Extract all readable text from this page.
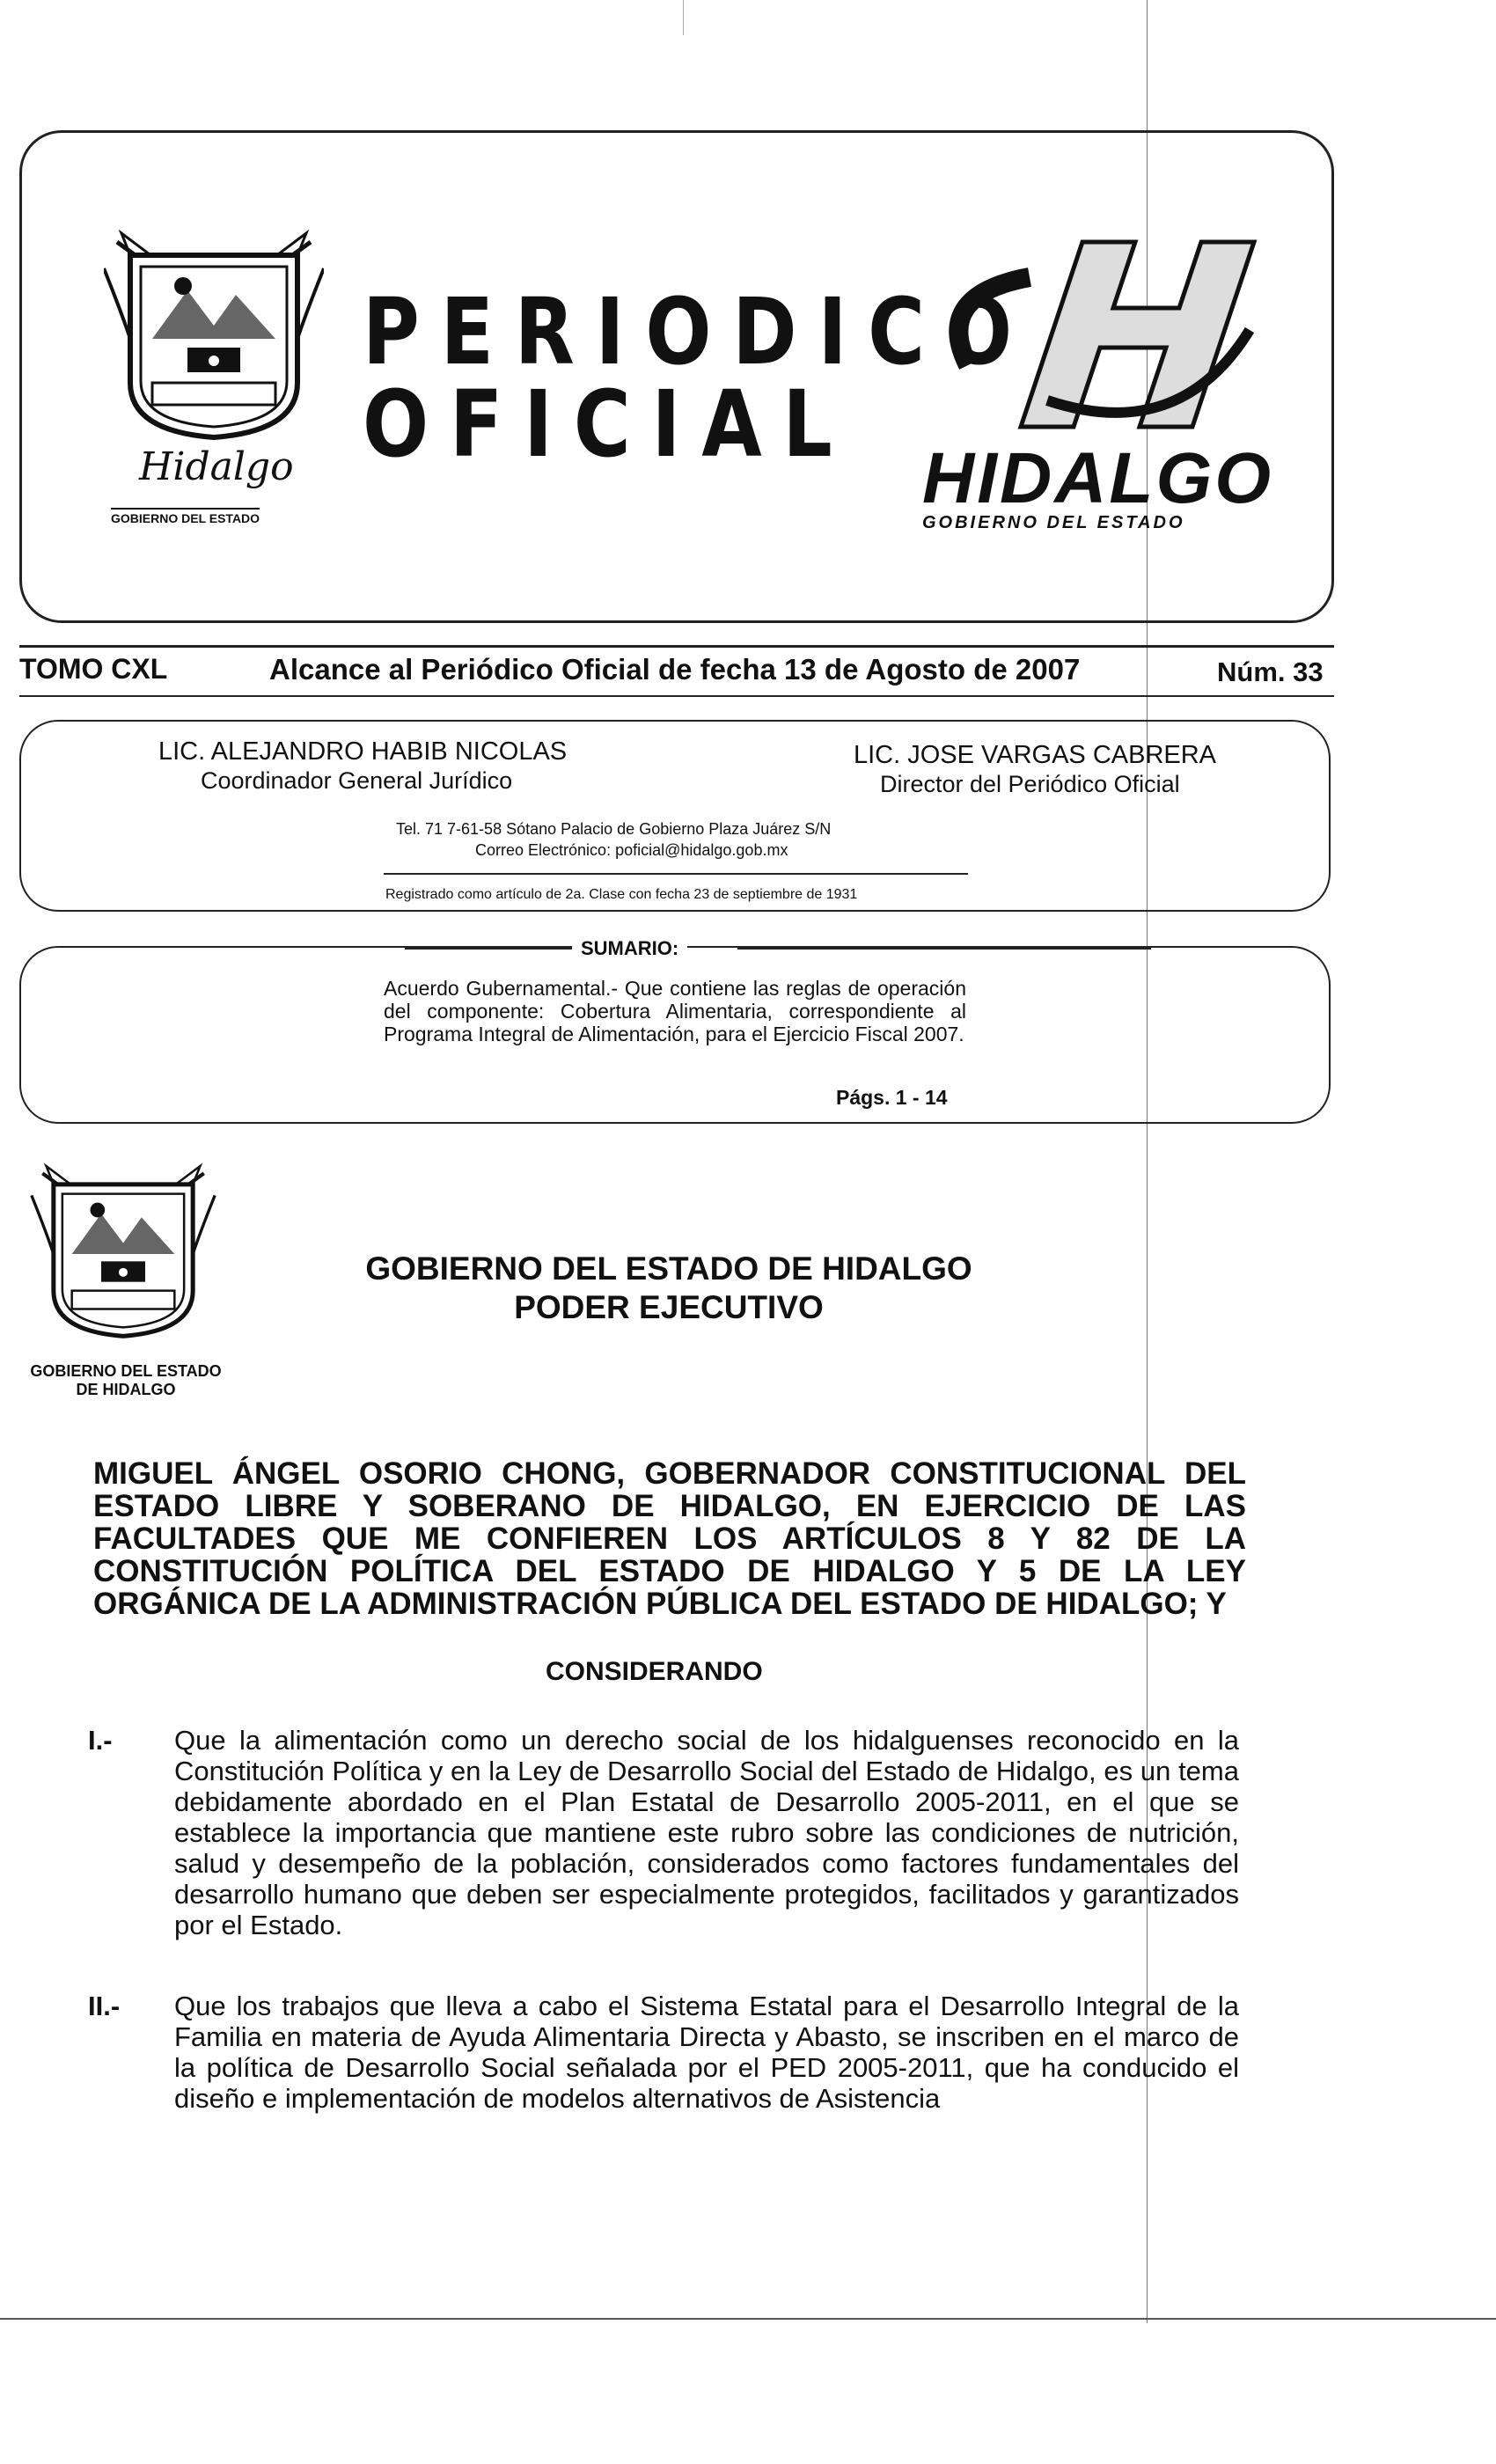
Hidalgo
GOBIERNO DEL ESTADO
PERIODICO
OFICIAL
HIDALGO
GOBIERNO DEL ESTADO
TOMO CXL	Alcance al Periódico Oficial de fecha 13 de Agosto de 2007	Núm. 33
LIC. ALEJANDRO HABIB NICOLAS
Coordinador General Jurídico
LIC. JOSE VARGAS CABRERA
Director del Periódico Oficial
Tel. 71 7-61-58 Sótano Palacio de Gobierno Plaza Juárez S/N
Correo Electrónico: poficial@hidalgo.gob.mx
Registrado como artículo de 2a. Clase con fecha 23 de septiembre de 1931
SUMARIO:
Acuerdo Gubernamental.- Que contiene las reglas de operación del componente: Cobertura Alimentaria, correspondiente al Programa Integral de Alimentación, para el Ejercicio Fiscal 2007.
Págs. 1 - 14
GOBIERNO DEL ESTADO
DE HIDALGO
GOBIERNO DEL ESTADO DE HIDALGO
PODER EJECUTIVO
MIGUEL ÁNGEL OSORIO CHONG, GOBERNADOR CONSTITUCIONAL DEL ESTADO LIBRE Y SOBERANO DE HIDALGO, EN EJERCICIO DE LAS FACULTADES QUE ME CONFIEREN LOS ARTÍCULOS 8 Y 82 DE LA CONSTITUCIÓN POLÍTICA DEL ESTADO DE HIDALGO Y 5 DE LA LEY ORGÁNICA DE LA ADMINISTRACIÓN PÚBLICA DEL ESTADO DE HIDALGO; Y
CONSIDERANDO
I.- Que la alimentación como un derecho social de los hidalguenses reconocido en la Constitución Política y en la Ley de Desarrollo Social del Estado de Hidalgo, es un tema debidamente abordado en el Plan Estatal de Desarrollo 2005-2011, en el que se establece la importancia que mantiene este rubro sobre las condiciones de nutrición, salud y desempeño de la población, considerados como factores fundamentales del desarrollo humano que deben ser especialmente protegidos, facilitados y garantizados por el Estado.
II.- Que los trabajos que lleva a cabo el Sistema Estatal para el Desarrollo Integral de la Familia en materia de Ayuda Alimentaria Directa y Abasto, se inscriben en el marco de la política de Desarrollo Social señalada por el PED 2005-2011, que ha conducido el diseño e implementación de modelos alternativos de Asistencia
